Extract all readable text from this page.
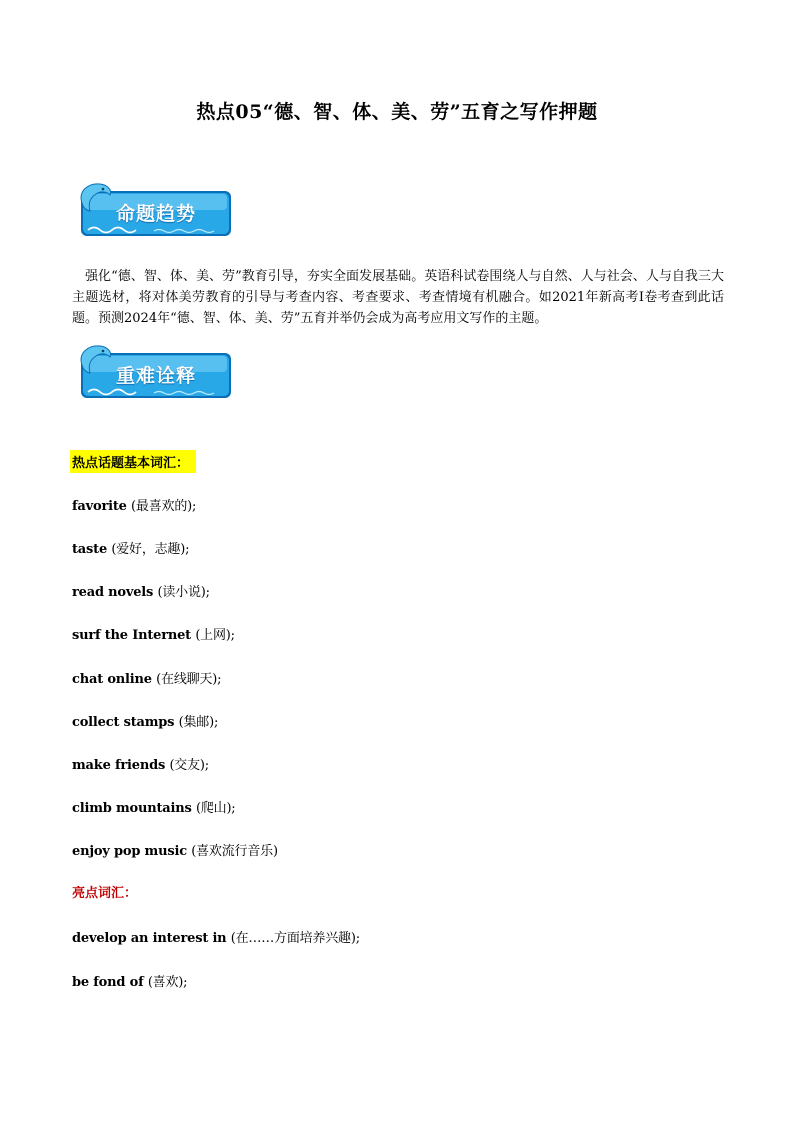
热点05“德、智、体、美、劳”五育之写作押题
命题趋势
强化“德、智、体、美、劳”教育引导，夯实全面发展基础。英语科试卷围绕人与自然、人与社会、人与自我三大主题选材，将对体美劳教育的引导与考查内容、考查要求、考查情境有机融合。如2021年新高考I卷考查到此话题。预测2024年“德、智、体、美、劳”五育并举仍会成为高考应用文写作的主题。
重难诠释
热点话题基本词汇：
favorite (最喜欢的);
taste (爱好，志趣);
read novels (读小说);
surf the Internet (上网);
chat online (在线聊天);
collect stamps (集邮);
make friends (交友);
climb mountains (爬山);
enjoy pop music (喜欢流行音乐)
亮点词汇：
develop an interest in (在……方面培养兴趣);
be fond of (喜欢);
